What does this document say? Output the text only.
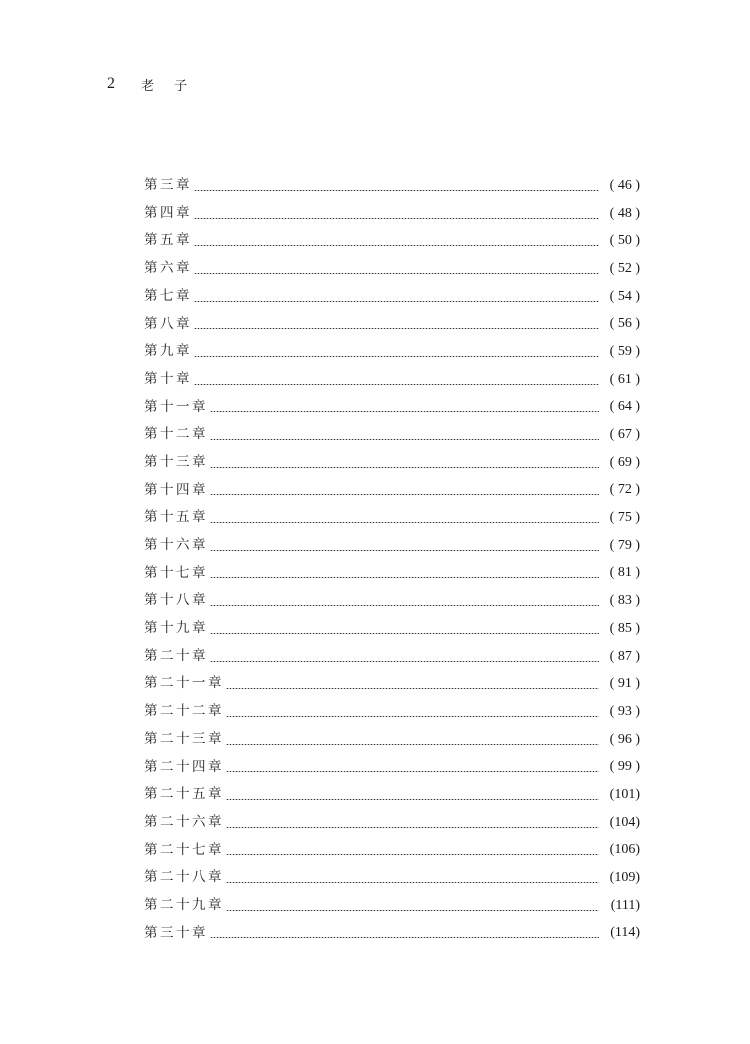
2 老 子
第三章	( 46 )
第四章	( 48 )
第五章	( 50 )
第六章	( 52 )
第七章	( 54 )
第八章	( 56 )
第九章	( 59 )
第十章	( 61 )
第十一章	( 64 )
第十二章	( 67 )
第十三章	( 69 )
第十四章	( 72 )
第十五章	( 75 )
第十六章	( 79 )
第十七章	( 81 )
第十八章	( 83 )
第十九章	( 85 )
第二十章	( 87 )
第二十一章	( 91 )
第二十二章	( 93 )
第二十三章	( 96 )
第二十四章	( 99 )
第二十五章	(101)
第二十六章	(104)
第二十七章	(106)
第二十八章	(109)
第二十九章	(111)
第三十章	(114)
